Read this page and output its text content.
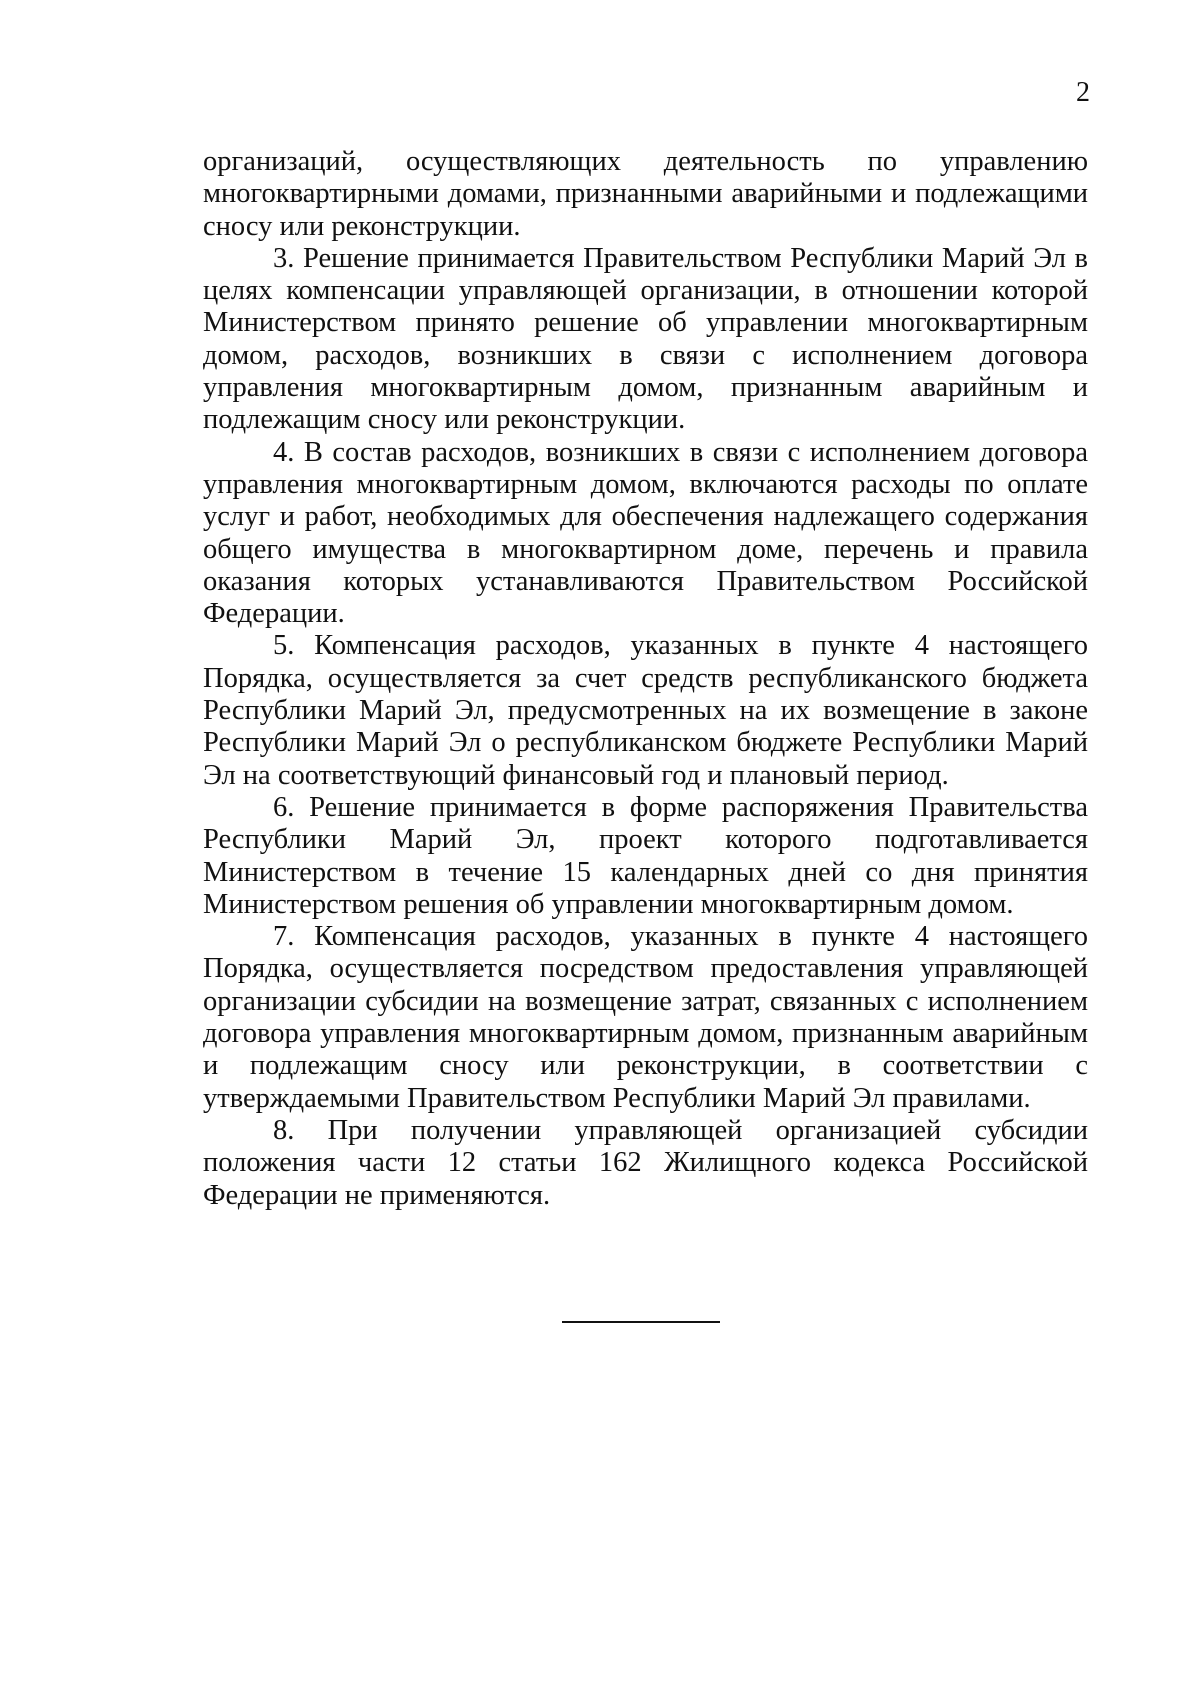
2

организаций, осуществляющих деятельность по управлению многоквартирными домами, признанными аварийными и подлежащими сносу или реконструкции.

3. Решение принимается Правительством Республики Марий Эл в целях компенсации управляющей организации, в отношении которой Министерством принято решение об управлении многоквартирным домом, расходов, возникших в связи с исполнением договора управления многоквартирным домом, признанным аварийным и подлежащим сносу или реконструкции.

4. В состав расходов, возникших в связи с исполнением договора управления многоквартирным домом, включаются расходы по оплате услуг и работ, необходимых для обеспечения надлежащего содержания общего имущества в многоквартирном доме, перечень и правила оказания которых устанавливаются Правительством Российской Федерации.

5. Компенсация расходов, указанных в пункте 4 настоящего Порядка, осуществляется за счет средств республиканского бюджета Республики Марий Эл, предусмотренных на их возмещение в законе Республики Марий Эл о республиканском бюджете Республики Марий Эл на соответствующий финансовый год и плановый период.

6. Решение принимается в форме распоряжения Правительства Республики Марий Эл, проект которого подготавливается Министерством в течение 15 календарных дней со дня принятия Министерством решения об управлении многоквартирным домом.

7. Компенсация расходов, указанных в пункте 4 настоящего Порядка, осуществляется посредством предоставления управляющей организации субсидии на возмещение затрат, связанных с исполнением договора управления многоквартирным домом, признанным аварийным и подлежащим сносу или реконструкции, в соответствии с утверждаемыми Правительством Республики Марий Эл правилами.

8. При получении управляющей организацией субсидии положения части 12 статьи 162 Жилищного кодекса Российской Федерации не применяются.
